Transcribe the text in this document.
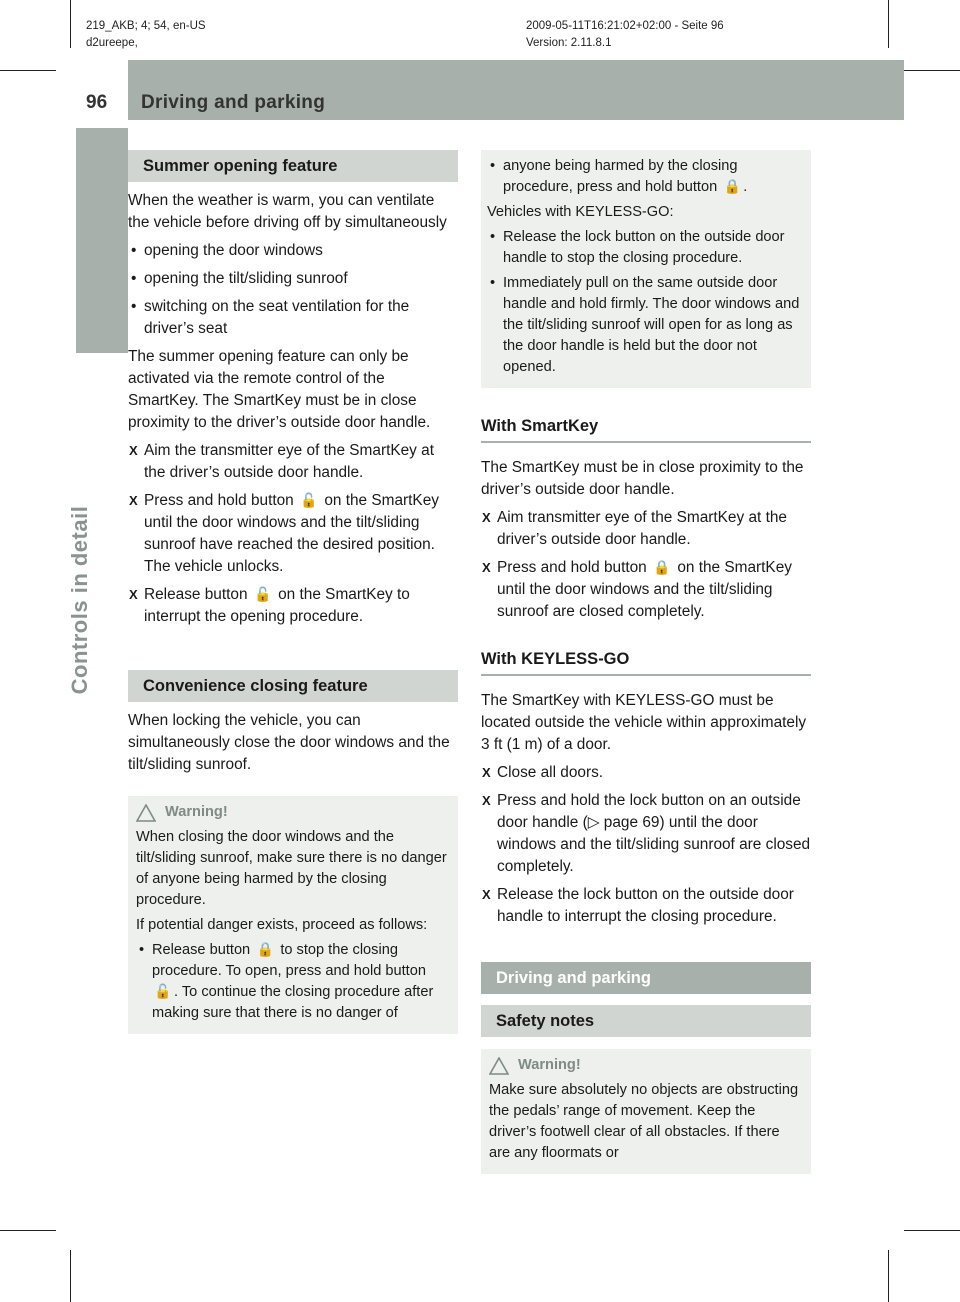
219_AKB; 4; 54, en-US
d2ureepe,
2009-05-11T16:21:02+02:00 - Seite 96
Version: 2.11.8.1
96 Driving and parking
Controls in detail
Summer opening feature

When the weather is warm, you can ventilate the vehicle before driving off by simultaneously

• opening the door windows
• opening the tilt/sliding sunroof
• switching on the seat ventilation for the driver’s seat

The summer opening feature can only be activated via the remote control of the SmartKey. The SmartKey must be in close proximity to the driver’s outside door handle.

X Aim the transmitter eye of the SmartKey at the driver’s outside door handle.
X Press and hold button 🔓 on the SmartKey until the door windows and the tilt/sliding sunroof have reached the desired position.
The vehicle unlocks.
X Release button 🔓 on the SmartKey to interrupt the opening procedure.
Convenience closing feature

When locking the vehicle, you can simultaneously close the door windows and the tilt/sliding sunroof.

Warning!

When closing the door windows and the tilt/sliding sunroof, make sure there is no danger of anyone being harmed by the closing procedure.

If potential danger exists, proceed as follows:

• Release button 🔒 to stop the closing procedure. To open, press and hold button 🔓 . To continue the closing procedure after making sure that there is no danger of

• anyone being harmed by the closing procedure, press and hold button 🔒 .

Vehicles with KEYLESS-GO:

• Release the lock button on the outside door handle to stop the closing procedure.
• Immediately pull on the same outside door handle and hold firmly. The door windows and the tilt/sliding sunroof will open for as long as the door handle is held but the door not opened.
With SmartKey

The SmartKey must be in close proximity to the driver’s outside door handle.

X Aim transmitter eye of the SmartKey at the driver’s outside door handle.
X Press and hold button 🔒 on the SmartKey until the door windows and the tilt/sliding sunroof are closed completely.
With KEYLESS-GO

The SmartKey with KEYLESS-GO must be located outside the vehicle within approximately 3 ft (1 m) of a door.

X Close all doors.
X Press and hold the lock button on an outside door handle (▷ page 69) until the door windows and the tilt/sliding sunroof are closed completely.
X Release the lock button on the outside door handle to interrupt the closing procedure.
Driving and parking
Safety notes
Warning!

Make sure absolutely no objects are obstructing the pedals’ range of movement. Keep the driver’s footwell clear of all obstacles. If there are any floormats or
